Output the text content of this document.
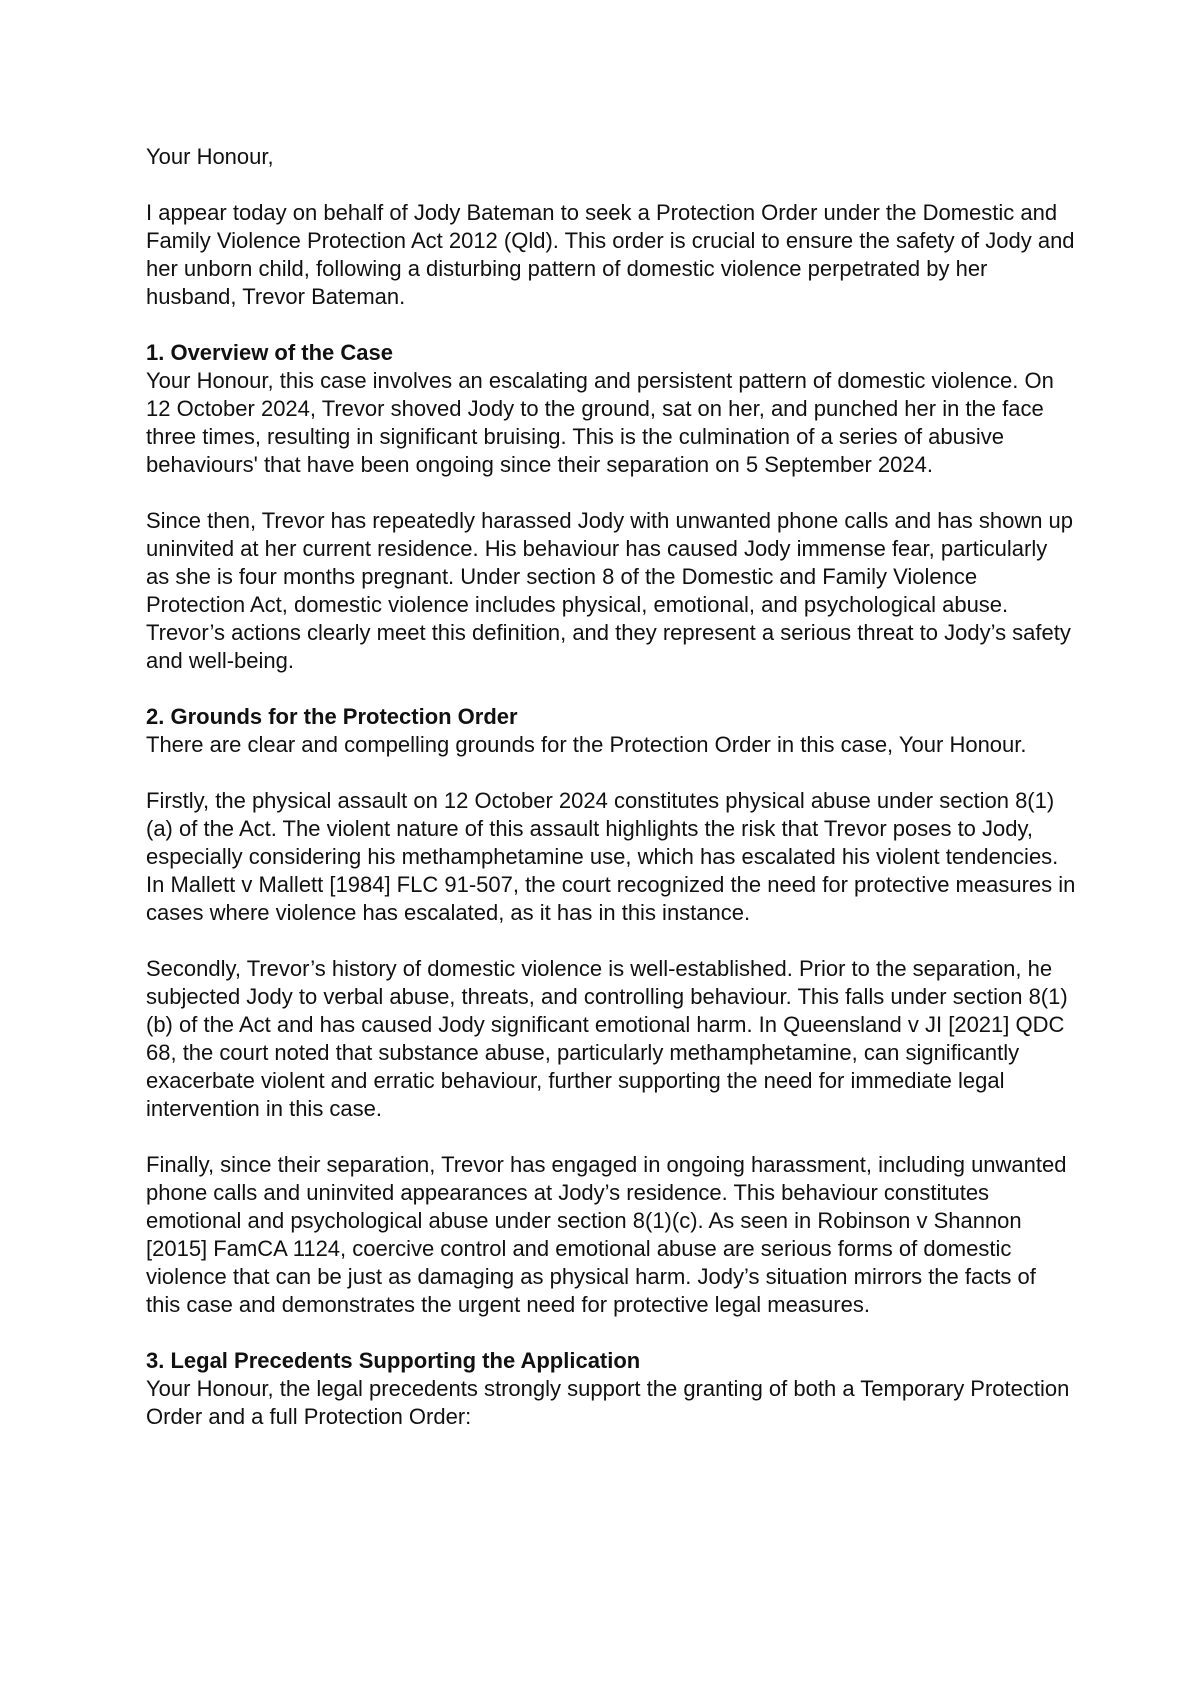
Your Honour,

I appear today on behalf of Jody Bateman to seek a Protection Order under the Domestic and Family Violence Protection Act 2012 (Qld). This order is crucial to ensure the safety of Jody and her unborn child, following a disturbing pattern of domestic violence perpetrated by her husband, Trevor Bateman.

1. Overview of the Case

Your Honour, this case involves an escalating and persistent pattern of domestic violence. On 12 October 2024, Trevor shoved Jody to the ground, sat on her, and punched her in the face three times, resulting in significant bruising. This is the culmination of a series of abusive behaviours' that have been ongoing since their separation on 5 September 2024.

Since then, Trevor has repeatedly harassed Jody with unwanted phone calls and has shown up uninvited at her current residence. His behaviour has caused Jody immense fear, particularly as she is four months pregnant. Under section 8 of the Domestic and Family Violence Protection Act, domestic violence includes physical, emotional, and psychological abuse. Trevor’s actions clearly meet this definition, and they represent a serious threat to Jody’s safety and well-being.

2. Grounds for the Protection Order

There are clear and compelling grounds for the Protection Order in this case, Your Honour.

Firstly, the physical assault on 12 October 2024 constitutes physical abuse under section 8(1)(a) of the Act. The violent nature of this assault highlights the risk that Trevor poses to Jody, especially considering his methamphetamine use, which has escalated his violent tendencies. In Mallett v Mallett [1984] FLC 91-507, the court recognized the need for protective measures in cases where violence has escalated, as it has in this instance.

Secondly, Trevor’s history of domestic violence is well-established. Prior to the separation, he subjected Jody to verbal abuse, threats, and controlling behaviour. This falls under section 8(1)(b) of the Act and has caused Jody significant emotional harm. In Queensland v JI [2021] QDC 68, the court noted that substance abuse, particularly methamphetamine, can significantly exacerbate violent and erratic behaviour, further supporting the need for immediate legal intervention in this case.

Finally, since their separation, Trevor has engaged in ongoing harassment, including unwanted phone calls and uninvited appearances at Jody’s residence. This behaviour constitutes emotional and psychological abuse under section 8(1)(c). As seen in Robinson v Shannon [2015] FamCA 1124, coercive control and emotional abuse are serious forms of domestic violence that can be just as damaging as physical harm. Jody’s situation mirrors the facts of this case and demonstrates the urgent need for protective legal measures.

3. Legal Precedents Supporting the Application

Your Honour, the legal precedents strongly support the granting of both a Temporary Protection Order and a full Protection Order:
